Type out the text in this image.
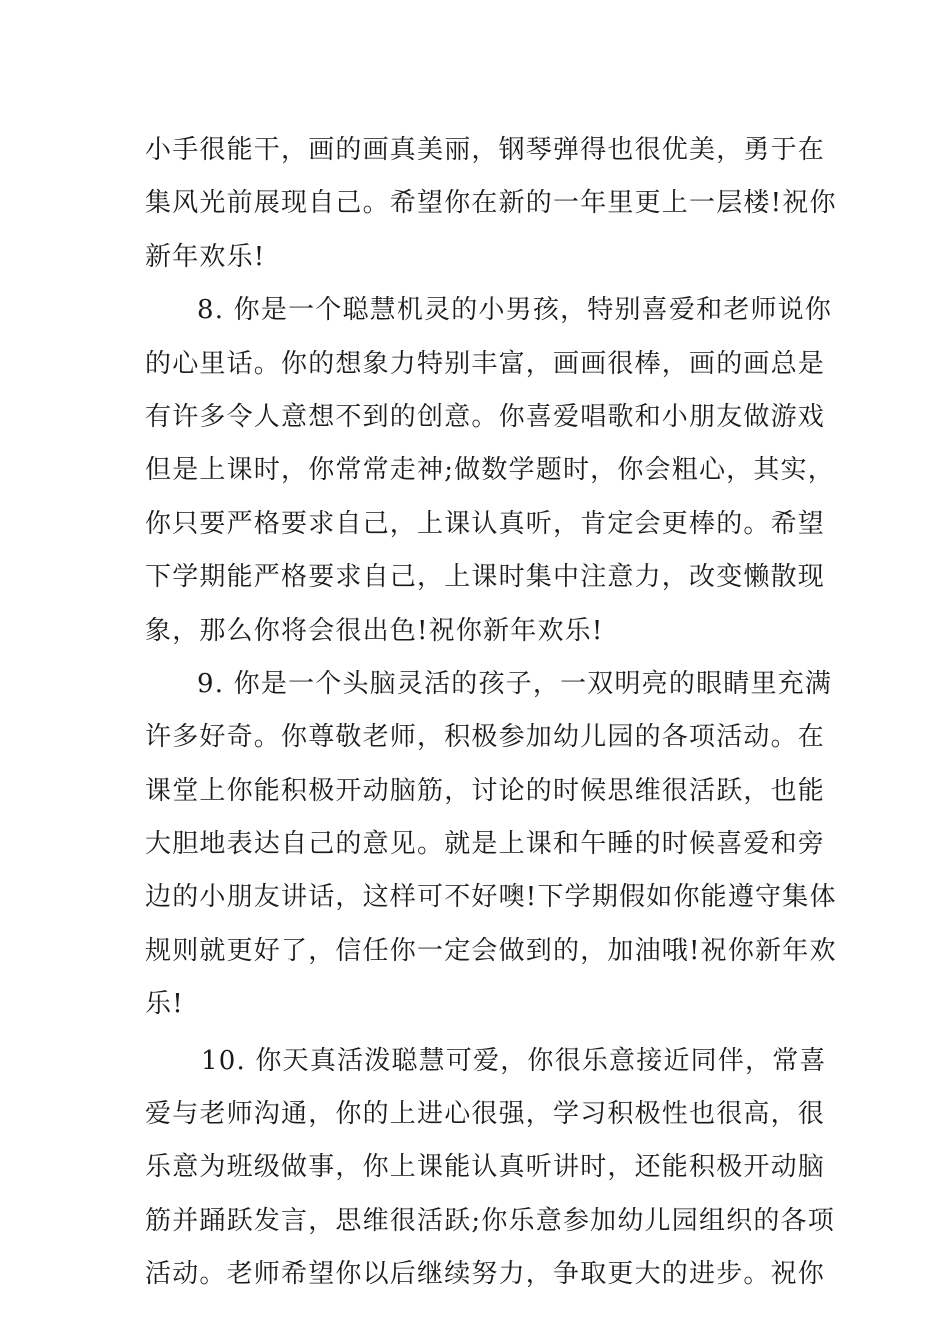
小手很能干，画的画真美丽，钢琴弹得也很优美，勇于在
集风光前展现自己。希望你在新的一年里更上一层楼!祝你
新年欢乐!
8. 你是一个聪慧机灵的小男孩，特别喜爱和老师说你
的心里话。你的想象力特别丰富，画画很棒，画的画总是
有许多令人意想不到的创意。你喜爱唱歌和小朋友做游戏
但是上课时，你常常走神;做数学题时，你会粗心，其实，
你只要严格要求自己，上课认真听，肯定会更棒的。希望
下学期能严格要求自己，上课时集中注意力，改变懒散现
象，那么你将会很出色!祝你新年欢乐!
9. 你是一个头脑灵活的孩子，一双明亮的眼睛里充满
许多好奇。你尊敬老师，积极参加幼儿园的各项活动。在
课堂上你能积极开动脑筋，讨论的时候思维很活跃，也能
大胆地表达自己的意见。就是上课和午睡的时候喜爱和旁
边的小朋友讲话，这样可不好噢!下学期假如你能遵守集体
规则就更好了，信任你一定会做到的，加油哦!祝你新年欢
乐!
10. 你天真活泼聪慧可爱，你很乐意接近同伴，常喜
爱与老师沟通，你的上进心很强，学习积极性也很高，很
乐意为班级做事，你上课能认真听讲时，还能积极开动脑
筋并踊跃发言，思维很活跃;你乐意参加幼儿园组织的各项
活动。老师希望你以后继续努力，争取更大的进步。祝你
